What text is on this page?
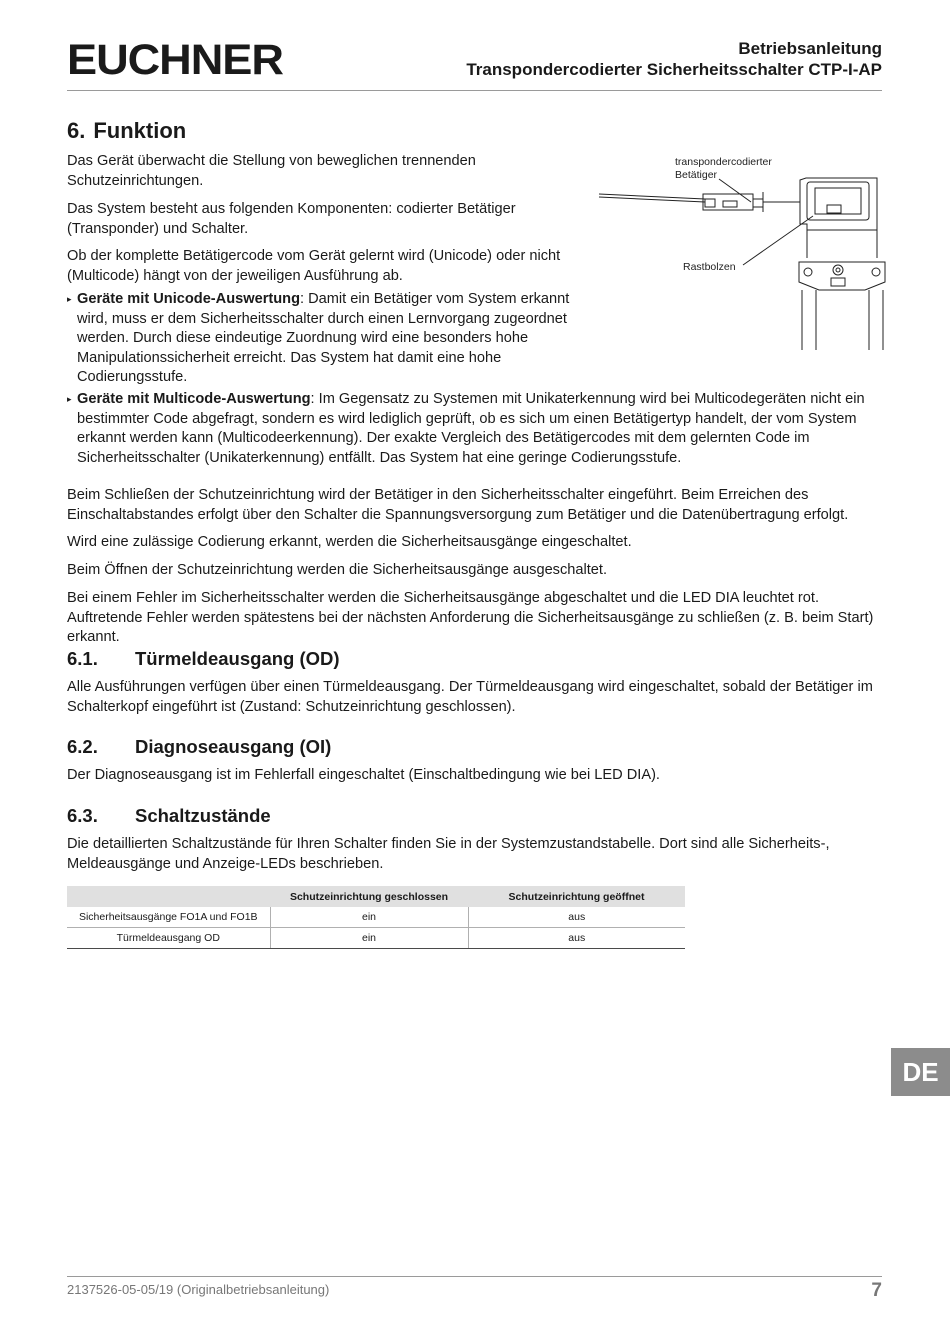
EUCHNER	Betriebsanleitung
Transpondercodierter Sicherheitsschalter CTP-I-AP
6. Funktion

Das Gerät überwacht die Stellung von beweglichen trennenden Schutzeinrichtungen.

Das System besteht aus folgenden Komponenten: codierter Betätiger (Transponder) und Schalter.

Ob der komplette Betätigercode vom Gerät gelernt wird (Unicode) oder nicht (Multicode) hängt von der jeweiligen Ausführung ab.

▸ Geräte mit Unicode-Auswertung: Damit ein Betätiger vom System erkannt wird, muss er dem Sicherheitsschalter durch einen Lernvorgang zugeordnet werden. Durch diese eindeutige Zuordnung wird eine besonders hohe Manipulationssicherheit erreicht. Das System hat damit eine hohe Codierungsstufe.
▸ Geräte mit Multicode-Auswertung: Im Gegensatz zu Systemen mit Unikaterkennung wird bei Multicodegeräten nicht ein bestimmter Code abgefragt, sondern es wird lediglich geprüft, ob es sich um einen Betätigertyp handelt, der vom System erkannt werden kann (Multicodeerkennung). Der exakte Vergleich des Betätigercodes mit dem gelernten Code im Sicherheitsschalter (Unikaterkennung) entfällt. Das System hat eine geringe Codierungsstufe.

Beim Schließen der Schutzeinrichtung wird der Betätiger in den Sicherheitsschalter eingeführt. Beim Erreichen des Einschaltabstandes erfolgt über den Schalter die Spannungsversorgung zum Betätiger und die Datenübertragung erfolgt.

Wird eine zulässige Codierung erkannt, werden die Sicherheitsausgänge eingeschaltet.

Beim Öffnen der Schutzeinrichtung werden die Sicherheitsausgänge ausgeschaltet.

Bei einem Fehler im Sicherheitsschalter werden die Sicherheitsausgänge abgeschaltet und die LED DIA leuchtet rot. Auftretende Fehler werden spätestens bei der nächsten Anforderung die Sicherheitsausgänge zu schließen (z. B. beim Start) erkannt.

transpondercodierter Betätiger
Rastbolzen
6.1. Türmeldeausgang (OD)

Alle Ausführungen verfügen über einen Türmeldeausgang. Der Türmeldeausgang wird eingeschaltet, sobald der Betätiger im Schalterkopf eingeführt ist (Zustand: Schutzeinrichtung geschlossen).

6.2. Diagnoseausgang (OI)

Der Diagnoseausgang ist im Fehlerfall eingeschaltet (Einschaltbedingung wie bei LED DIA).

6.3. Schaltzustände

Die detaillierten Schaltzustände für Ihren Schalter finden Sie in der Systemzustandstabelle. Dort sind alle Sicherheits-, Meldeausgänge und Anzeige-LEDs beschrieben.

	Schutzeinrichtung geschlossen	Schutzeinrichtung geöffnet
Sicherheitsausgänge FO1A und FO1B	ein	aus
Türmeldeausgang OD	ein	aus
DE
2137526-05-05/19 (Originalbetriebsanleitung)	7
